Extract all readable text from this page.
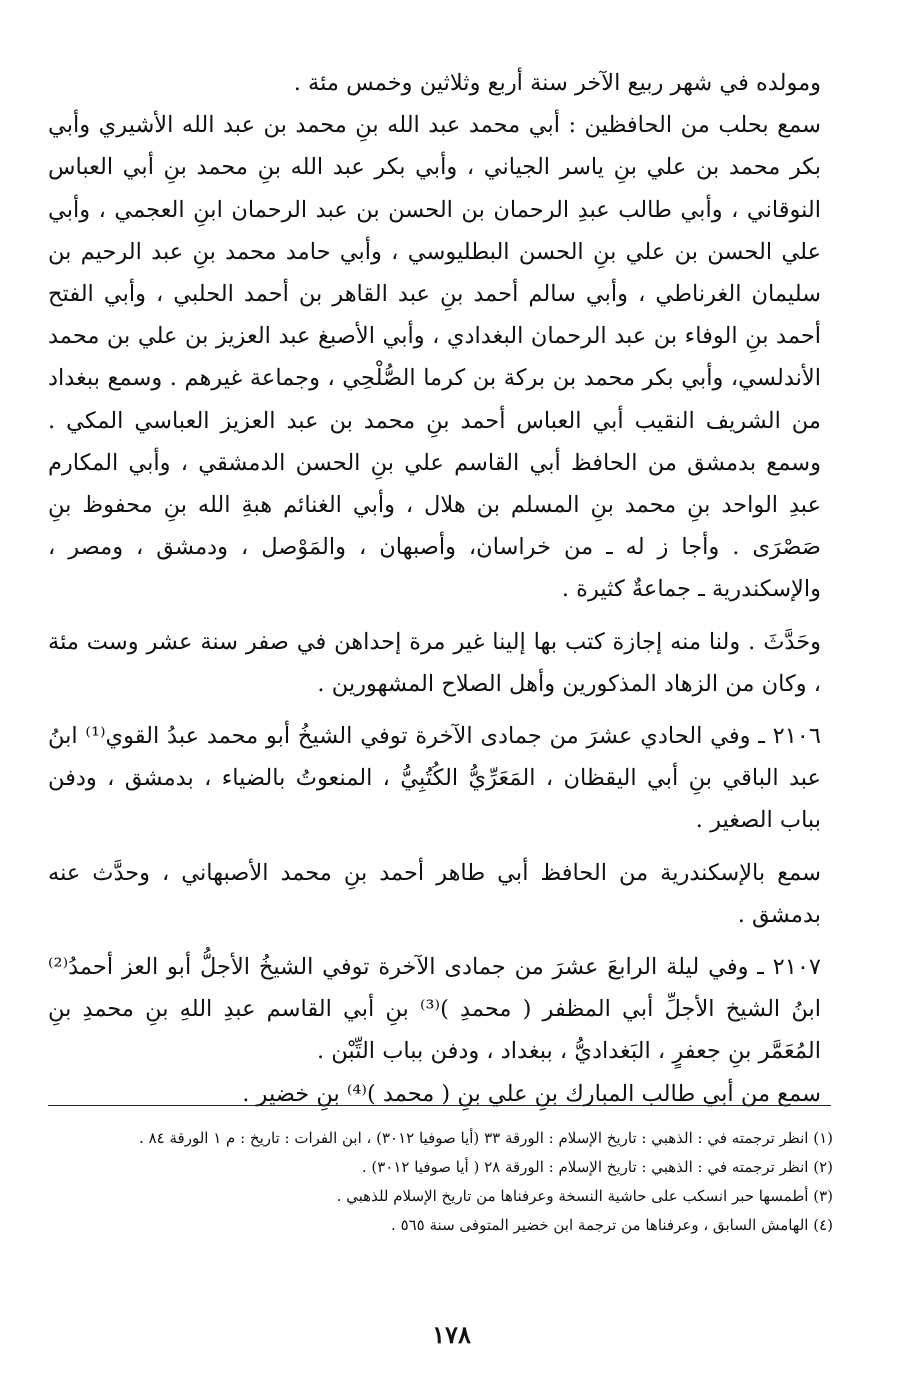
ومولده في شهر ربيع الآخر سنة أربع وثلاثين وخمس مئة .

سمع بحلب من الحافظين : أبي محمد عبد الله بنِ محمد بن عبد الله الأشيري وأبي بكر محمد بن علي بنِ ياسر الجياني ، وأبي بكر عبد الله بنِ محمد بنِ أبي العباس النوقاني ، وأبي طالب عبدِ الرحمان بن الحسن بن عبد الرحمان ابنِ العجمي ، وأبي علي الحسن بن علي بنِ الحسن البطليوسي ، وأبي حامد محمد بنِ عبد الرحيم بن سليمان الغرناطي ، وأبي سالم أحمد بنِ عبد القاهر بن أحمد الحلبي ، وأبي الفتح أحمد بنِ الوفاء بن عبد الرحمان البغدادي ، وأبي الأصبغ عبد العزيز بن علي بن محمد الأندلسي، وأبي بكر محمد بن بركة بن كرما الصُّلْحِي ، وجماعة غيرهم . وسمع ببغداد من الشريف النقيب أبي العباس أحمد بنِ محمد بن عبد العزيز العباسي المكي . وسمع بدمشق من الحافظ أبي القاسم علي بنِ الحسن الدمشقي ، وأبي المكارم عبدِ الواحد بنِ محمد بنِ المسلم بن هلال ، وأبي الغنائم هبةِ الله بنِ محفوظ بنِ صَصْرَى . وأجا ز له ـ من خراسان، وأصبهان ، والمَوْصل ، ودمشق ، ومصر ، والإسكندرية ـ جماعةٌ كثيرة .

وحَدَّثَ . ولنا منه إجازة كتب بها إلينا غير مرة إحداهن في صفر سنة عشر وست مئة ، وكان من الزهاد المذكورين وأهل الصلاح المشهورين .

٢١٠٦ ـ وفي الحادي عشرَ من جمادى الآخرة توفي الشيخُ أبو محمد عبدُ القوي⁽¹⁾ ابنُ عبد الباقي بنِ أبي اليقظان ، المَعَرِّيُّ الكُتُبِيُّ ، المنعوتُ بالضياء ، بدمشق ، ودفن بباب الصغير .

سمع بالإسكندرية من الحافظ أبي طاهر أحمد بنِ محمد الأصبهاني ، وحدَّث عنه بدمشق .

٢١٠٧ ـ وفي ليلة الرابعَ عشرَ من جمادى الآخرة توفي الشيخُ الأجلُّ أبو العز أحمدُ⁽²⁾ ابنُ الشيخ الأجلِّ أبي المظفر ( محمدِ )⁽³⁾ بنِ أبي القاسم عبدِ اللهِ بنِ محمدِ بنِ المُعَمَّر بنِ جعفرٍ ، البَغداديُّ ، ببغداد ، ودفن بباب التِّبْن .

سمع من أبي طالب المبارك بنِ علي بنِ ( محمد )⁽⁴⁾ بنِ خضير .

(١) انظر ترجمته في : الذهبي : تاريخ الإسلام : الورقة ٣٣ (أيا صوفيا ٣٠١٢) ، ابن الفرات : تاريخ : م ١ الورقة ٨٤ .

(٢) انظر ترجمته في : الذهبي : تاريخ الإسلام : الورقة ٢٨ ( أيا صوفيا ٣٠١٢) .

(٣) أطمسها حبر انسكب على حاشية النسخة وعرفناها من تاريخ الإسلام للذهبي .

(٤) الهامش السابق ، وعرفناها من ترجمة ابن خضير المتوفى سنة ٥٦٥ .

١٧٨
